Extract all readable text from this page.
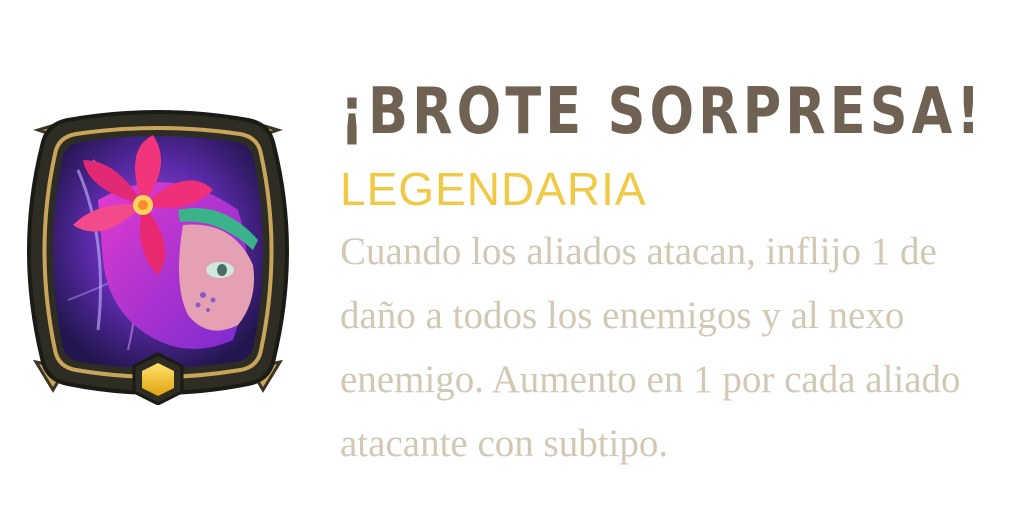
¡BROTE SORPRESA!
LEGENDARIA
Cuando los aliados atacan, inflijo 1 de daño a todos los enemigos y al nexo enemigo. Aumento en 1 por cada aliado atacante con subtipo.
